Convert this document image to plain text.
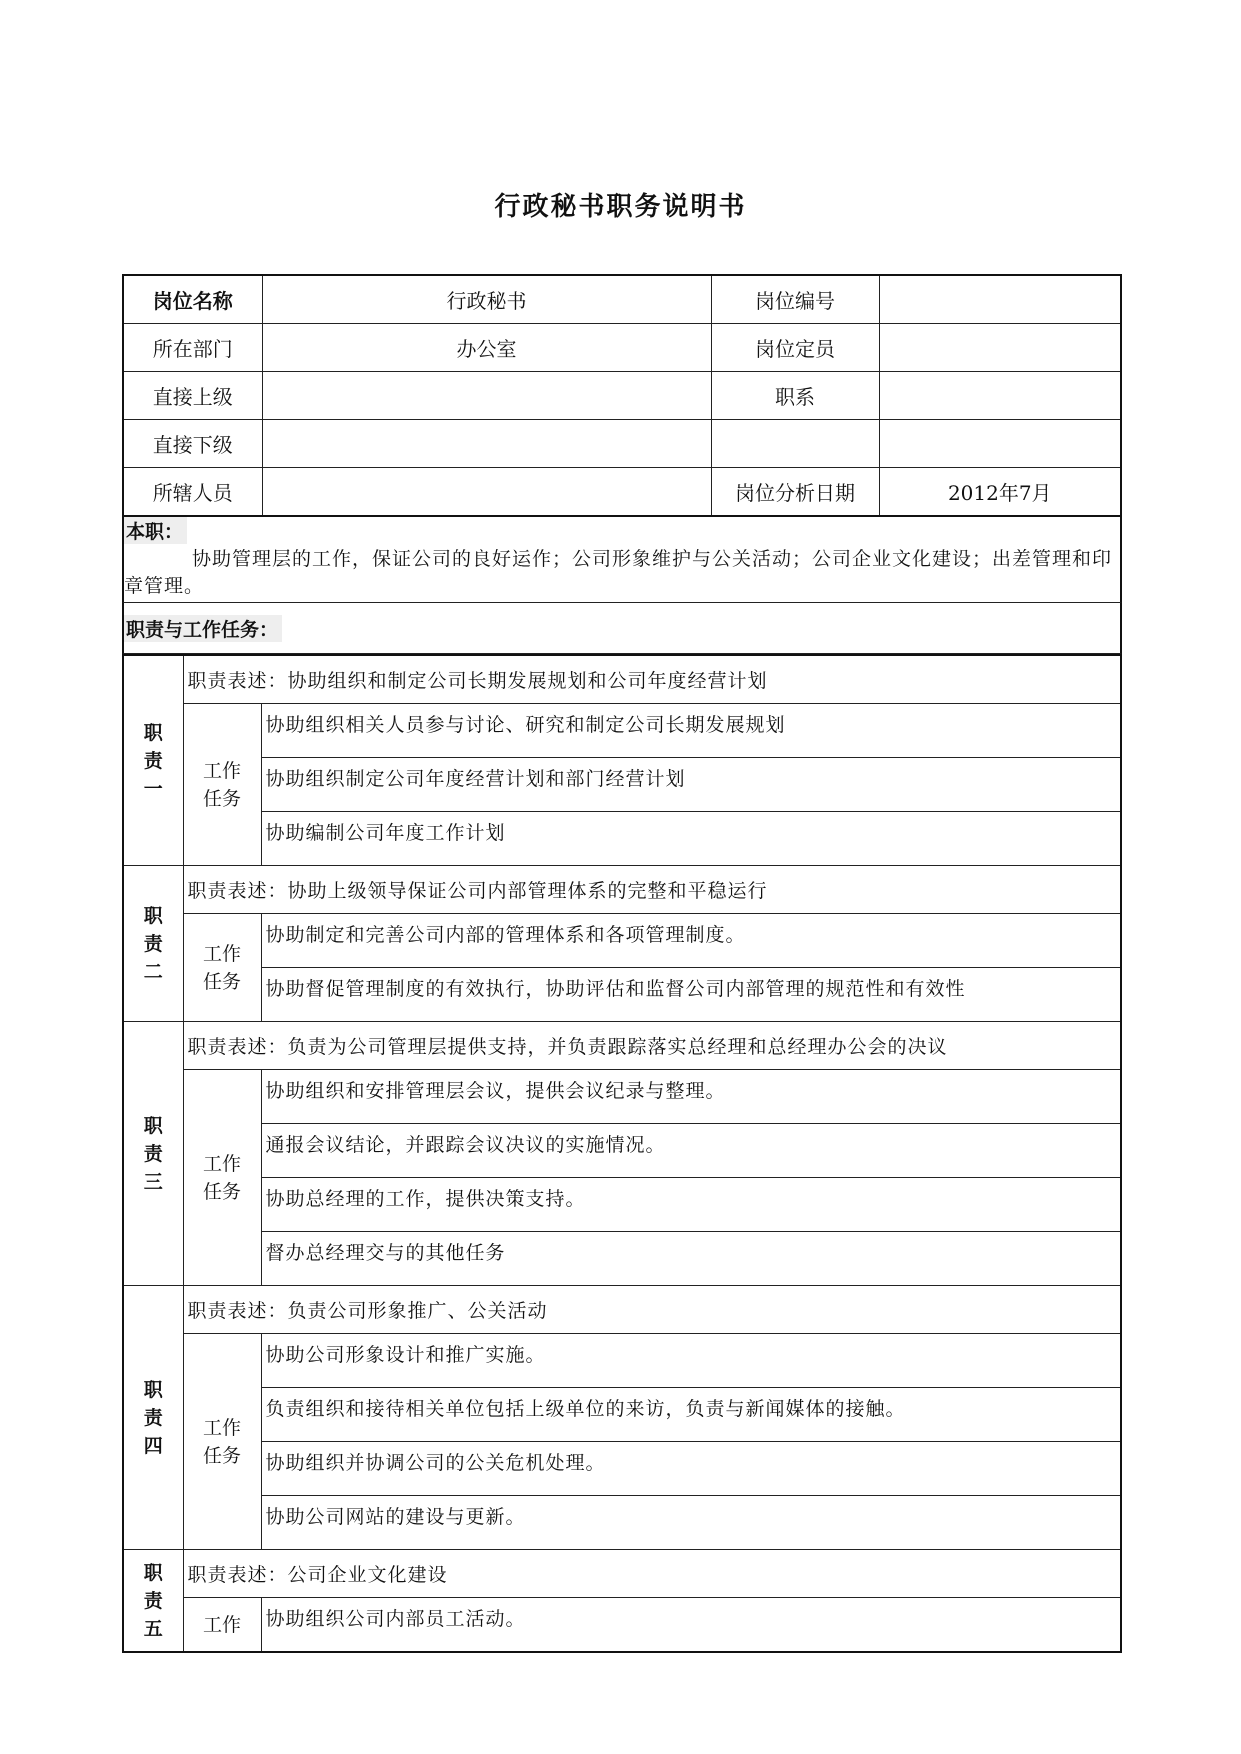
行政秘书职务说明书
岗位名称	行政秘书	岗位编号	
所在部门	办公室	岗位定员	
直接上级		职系	
直接下级			
所辖人员		岗位分析日期	2012年7月
本职：
协助管理层的工作，保证公司的良好运作；公司形象维护与公关活动；公司企业文化建设；出差管理和印章管理。
职责与工作任务：
职责一	职责表述：协助组织和制定公司长期发展规划和公司年度经营计划	
	工作任务	协助组织相关人员参与讨论、研究和制定公司长期发展规划
		协助组织制定公司年度经营计划和部门经营计划
		协助编制公司年度工作计划
职责二	职责表述：协助上级领导保证公司内部管理体系的完整和平稳运行	
	工作任务	协助制定和完善公司内部的管理体系和各项管理制度。
		协助督促管理制度的有效执行，协助评估和监督公司内部管理的规范性和有效性
职责三	职责表述：负责为公司管理层提供支持，并负责跟踪落实总经理和总经理办公会的决议	
	工作任务	协助组织和安排管理层会议，提供会议纪录与整理。
		通报会议结论，并跟踪会议决议的实施情况。
		协助总经理的工作，提供决策支持。
		督办总经理交与的其他任务
职责四	职责表述：负责公司形象推广、公关活动	
	工作任务	协助公司形象设计和推广实施。
		负责组织和接待相关单位包括上级单位的来访，负责与新闻媒体的接触。
		协助组织并协调公司的公关危机处理。
		协助公司网站的建设与更新。
职责五	职责表述：公司企业文化建设	
	工作	协助组织公司内部员工活动。
